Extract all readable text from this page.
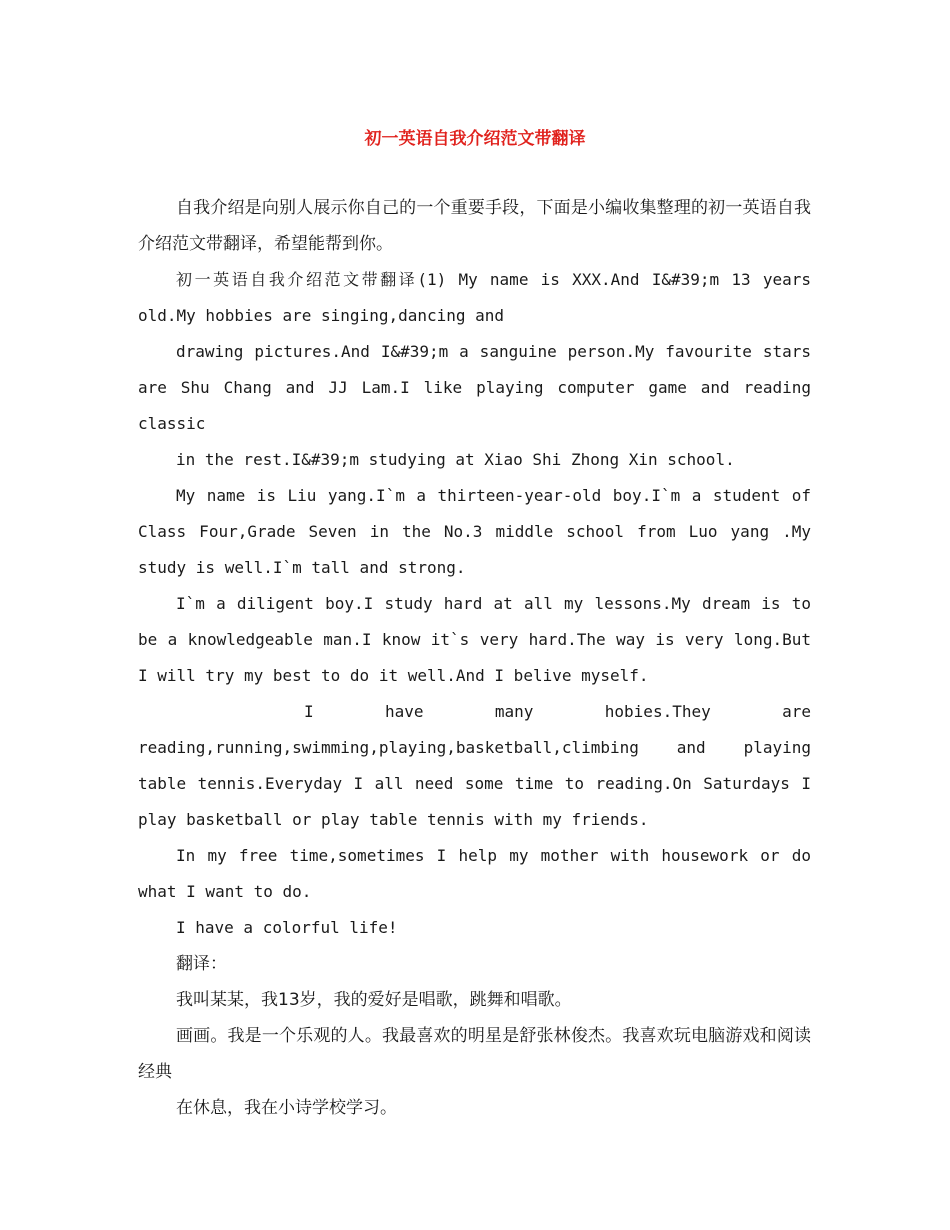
初一英语自我介绍范文带翻译

自我介绍是向别人展示你自己的一个重要手段，下面是小编收集整理的初一英语自我介绍范文带翻译，希望能帮到你。

初一英语自我介绍范文带翻译(1) My name is XXX.And I&#39;m 13 years old.My hobbies are singing,dancing and

drawing pictures.And I&#39;m a sanguine person.My favourite stars are Shu Chang and JJ Lam.I like playing computer game and reading classic

in the rest.I&#39;m studying at Xiao Shi Zhong Xin school.

My name is Liu yang.I`m a thirteen-year-old boy.I`m a student of Class Four,Grade Seven in the No.3 middle school from Luo yang .My study is well.I`m tall and strong.

I`m a diligent boy.I study hard at all my lessons.My dream is to be a knowledgeable man.I know it`s very hard.The way is very long.But I will try my best to do it well.And I belive myself.

I have many hobies.They are reading,running,swimming,playing,basketball,climbing and playing table tennis.Everyday I all need some time to reading.On Saturdays I play basketball or play table tennis with my friends.

In my free time,sometimes I help my mother with housework or do what I want to do.

I have a colorful life!

翻译：

我叫某某，我13岁，我的爱好是唱歌，跳舞和唱歌。

画画。我是一个乐观的人。我最喜欢的明星是舒张林俊杰。我喜欢玩电脑游戏和阅读经典

在休息，我在小诗学校学习。
